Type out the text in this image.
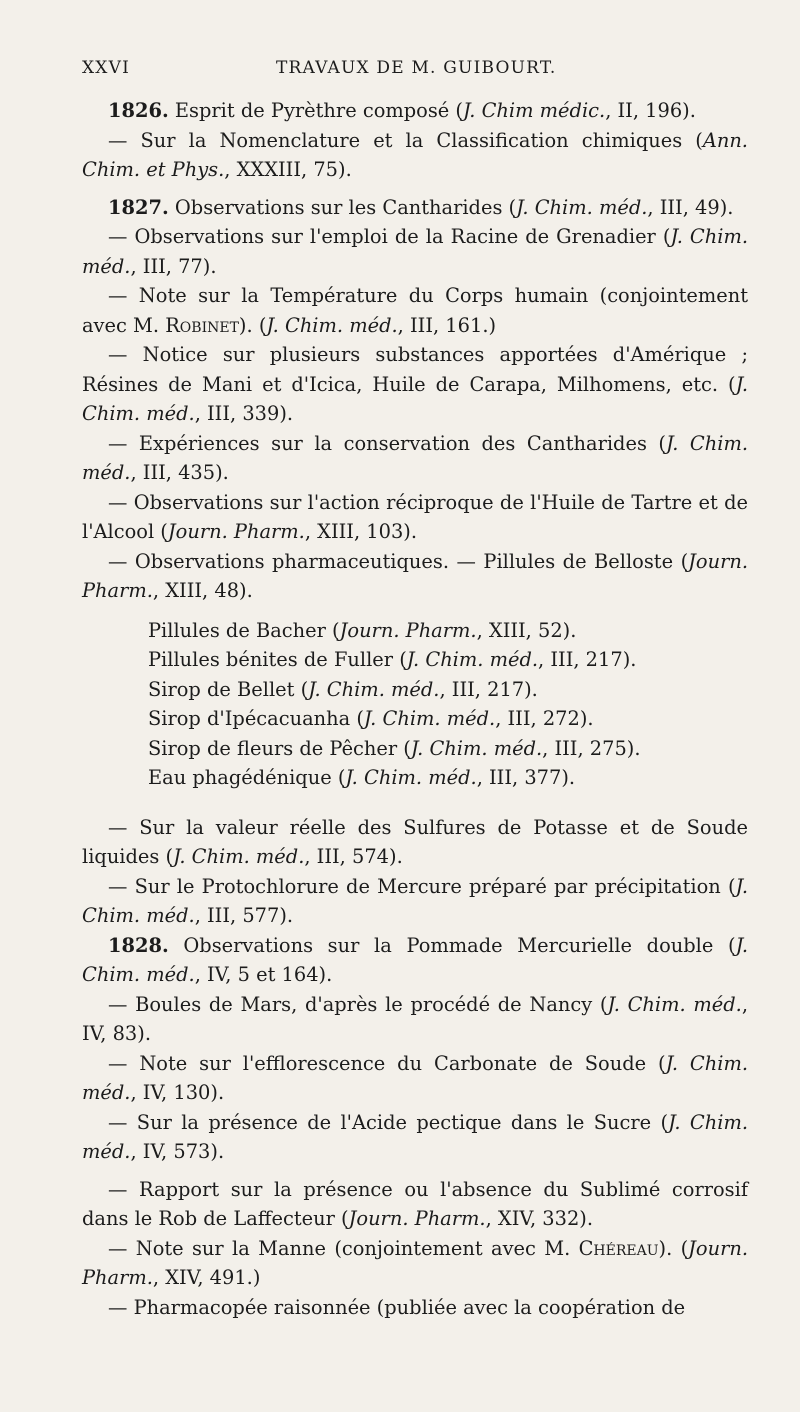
XXVI	TRAVAUX DE M. GUIBOURT.

1826. Esprit de Pyrèthre composé (J. Chim médic., II, 196).

— Sur la Nomenclature et la Classification chimiques (Ann. Chim. et Phys., XXXIII, 75).

1827. Observations sur les Cantharides (J. Chim. méd., III, 49).

— Observations sur l'emploi de la Racine de Grenadier (J. Chim. méd., III, 77).

— Note sur la Température du Corps humain (conjointement avec M. Robinet). (J. Chim. méd., III, 161.)

— Notice sur plusieurs substances apportées d'Amérique ; Résines de Mani et d'Icica, Huile de Carapa, Milhomens, etc. (J. Chim. méd., III, 339).

— Expériences sur la conservation des Cantharides (J. Chim. méd., III, 435).

— Observations sur l'action réciproque de l'Huile de Tartre et de l'Alcool (Journ. Pharm., XIII, 103).

— Observations pharmaceutiques. — Pillules de Belloste (Journ. Pharm., XIII, 48).

Pillules de Bacher (Journ. Pharm., XIII, 52).
Pillules bénites de Fuller (J. Chim. méd., III, 217).
Sirop de Bellet (J. Chim. méd., III, 217).
Sirop d'Ipécacuanha (J. Chim. méd., III, 272).
Sirop de fleurs de Pêcher (J. Chim. méd., III, 275).
Eau phagédénique (J. Chim. méd., III, 377).

— Sur la valeur réelle des Sulfures de Potasse et de Soude liquides (J. Chim. méd., III, 574).

— Sur le Protochlorure de Mercure préparé par précipitation (J. Chim. méd., III, 577).

1828. Observations sur la Pommade Mercurielle double (J. Chim. méd., IV, 5 et 164).

— Boules de Mars, d'après le procédé de Nancy (J. Chim. méd., IV, 83).

— Note sur l'efflorescence du Carbonate de Soude (J. Chim. méd., IV, 130).

— Sur la présence de l'Acide pectique dans le Sucre (J. Chim. méd., IV, 573).

— Rapport sur la présence ou l'absence du Sublimé corrosif dans le Rob de Laffecteur (Journ. Pharm., XIV, 332).

— Note sur la Manne (conjointement avec M. Chéreau). (Journ. Pharm., XIV, 491.)

— Pharmacopée raisonnée (publiée avec la coopération de
